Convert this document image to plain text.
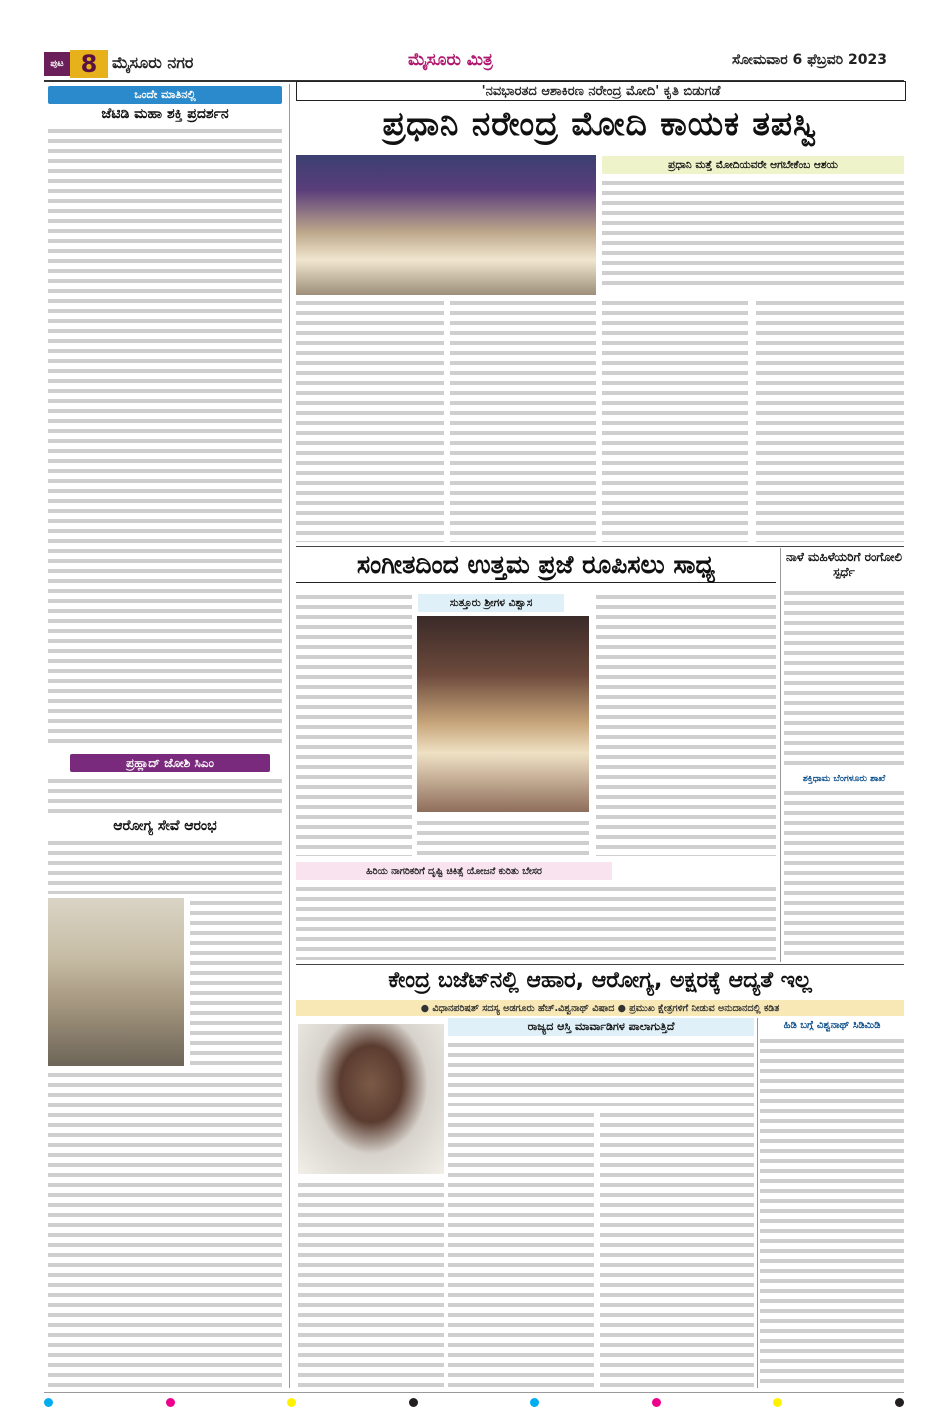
ಪುಟ 8 ಮೈಸೂರು ನಗರ	ಮೈಸೂರು ಮಿತ್ರ	ಸೋಮವಾರ 6 ಫೆಬ್ರವರಿ 2023
ಒಂದೇ ಮಾತಿನಲ್ಲಿ
ಜೆಟಿಡಿ ಮಹಾ ಶಕ್ತಿ ಪ್ರದರ್ಶನ
ಪ್ರಹ್ಲಾದ್ ಜೋಶಿ ಸಿಎಂ
ಆರೋಗ್ಯ ಸೇವೆ ಆರಂಭ
'ನವಭಾರತದ ಆಶಾಕಿರಣ ನರೇಂದ್ರ ಮೋದಿ' ಕೃತಿ ಬಿಡುಗಡೆ
ಪ್ರಧಾನಿ ನರೇಂದ್ರ ಮೋದಿ ಕಾಯಕ ತಪಸ್ವಿ
ಪ್ರಧಾನಿ ಮತ್ತೆ ಮೋದಿಯವರೇ ಆಗಬೇಕೆಂಬ ಆಶಯ
ಸಂಗೀತದಿಂದ ಉತ್ತಮ ಪ್ರಜೆ ರೂಪಿಸಲು ಸಾಧ್ಯ
ಸುತ್ತೂರು ಶ್ರೀಗಳ ವಿಶ್ವಾಸ
ಹಿರಿಯ ನಾಗರಿಕರಿಗೆ ದೃಷ್ಟಿ ಚಿಕಿತ್ಸೆ ಯೋಜನೆ ಕುರಿತು ಬೇಸರ
ನಾಳೆ ಮಹಿಳೆಯರಿಗೆ ರಂಗೋಲಿ ಸ್ಪರ್ಧೆ
ಶಕ್ತಿಧಾಮ ಬೆಂಗಳೂರು ಶಾಖೆ
ಕೇಂದ್ರ ಬಜೆಟ್‌ನಲ್ಲಿ ಆಹಾರ, ಆರೋಗ್ಯ, ಅಕ್ಷರಕ್ಕೆ ಆದ್ಯತೆ ಇಲ್ಲ
● ವಿಧಾನಪರಿಷತ್ ಸದಸ್ಯ ಅಡಗೂರು ಹೆಚ್.ವಿಶ್ವನಾಥ್ ವಿಷಾದ ● ಪ್ರಮುಖ ಕ್ಷೇತ್ರಗಳಿಗೆ ನೀಡುವ ಅನುದಾನದಲ್ಲಿ ಕಡಿತ
ರಾಜ್ಯದ ಆಸ್ತಿ ಮಾರ್ವಾಡಿಗಳ ಪಾಲಾಗುತ್ತಿದೆ	ಹಿಡಿ ಬಗ್ಗೆ ವಿಶ್ವನಾಥ್ ಸಿಡಿಮಿಡಿ
